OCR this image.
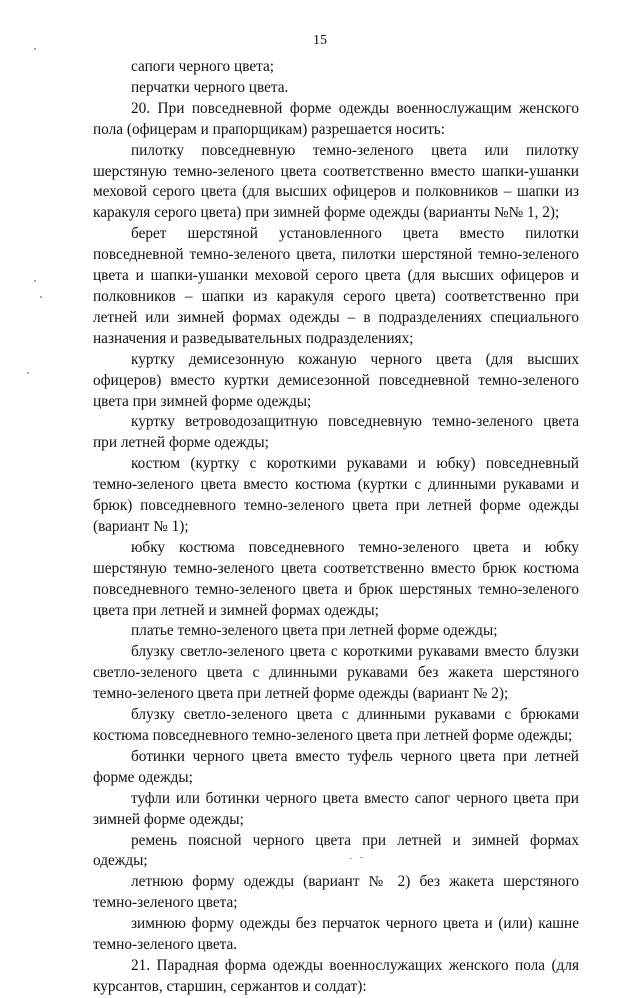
15

сапоги черного цвета;

перчатки черного цвета.

20. При повседневной форме одежды военнослужащим женского пола (офицерам и прапорщикам) разрешается носить:

пилотку повседневную темно-зеленого цвета или пилотку шерстяную темно-зеленого цвета соответственно вместо шапки-ушанки меховой серого цвета (для высших офицеров и полковников – шапки из каракуля серого цвета) при зимней форме одежды (варианты №№ 1, 2);

берет шерстяной установленного цвета вместо пилотки повседневной темно-зеленого цвета, пилотки шерстяной темно-зеленого цвета и шапки-ушанки меховой серого цвета (для высших офицеров и полковников – шапки из каракуля серого цвета) соответственно при летней или зимней формах одежды – в подразделениях специального назначения и разведывательных подразделениях;

куртку демисезонную кожаную черного цвета (для высших офицеров) вместо куртки демисезонной повседневной темно-зеленого цвета при зимней форме одежды;

куртку ветроводозащитную повседневную темно-зеленого цвета при летней форме одежды;

костюм (куртку с короткими рукавами и юбку) повседневный темно-зеленого цвета вместо костюма (куртки с длинными рукавами и брюк) повседневного темно-зеленого цвета при летней форме одежды (вариант № 1);

юбку костюма повседневного темно-зеленого цвета и юбку шерстяную темно-зеленого цвета соответственно вместо брюк костюма повседневного темно-зеленого цвета и брюк шерстяных темно-зеленого цвета при летней и зимней формах одежды;

платье темно-зеленого цвета при летней форме одежды;

блузку светло-зеленого цвета с короткими рукавами вместо блузки светло-зеленого цвета с длинными рукавами без жакета шерстяного темно-зеленого цвета при летней форме одежды (вариант № 2);

блузку светло-зеленого цвета с длинными рукавами с брюками костюма повседневного темно-зеленого цвета при летней форме одежды;

ботинки черного цвета вместо туфель черного цвета при летней форме одежды;

туфли или ботинки черного цвета вместо сапог черного цвета при зимней форме одежды;

ремень поясной черного цвета при летней и зимней формах одежды;

летнюю форму одежды (вариант № 2) без жакета шерстяного темно-зеленого цвета;

зимнюю форму одежды без перчаток черного цвета и (или) кашне темно-зеленого цвета.

21. Парадная форма одежды военнослужащих женского пола (для курсантов, старшин, сержантов и солдат):
